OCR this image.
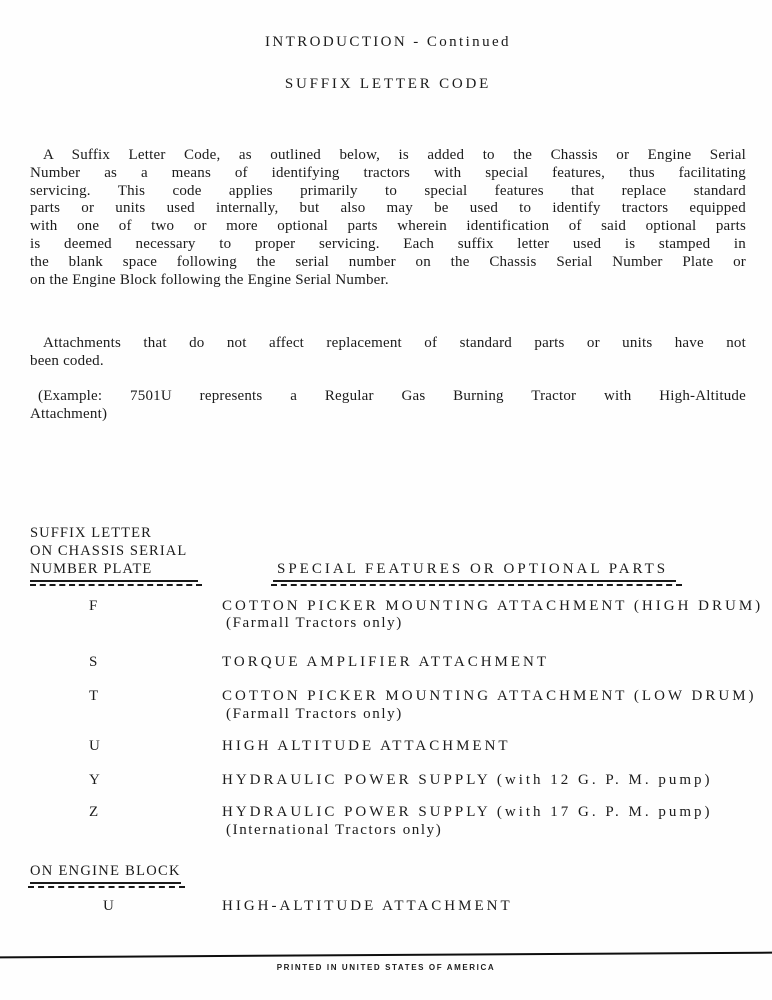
INTRODUCTION - Continued
SUFFIX LETTER CODE
A Suffix Letter Code, as outlined below, is added to the Chassis or Engine Serial
Number as a means of identifying tractors with special features, thus facilitating
servicing. This code applies primarily to special features that replace standard
parts or units used internally, but also may be used to identify tractors equipped
with one of two or more optional parts wherein identification of said optional parts
is deemed necessary to proper servicing. Each suffix letter used is stamped in
the blank space following the serial number on the Chassis Serial Number Plate or
on the Engine Block following the Engine Serial Number.
Attachments that do not affect replacement of standard parts or units have not
been coded.
(Example: 7501U represents a Regular Gas Burning Tractor with High-Altitude
Attachment)
SUFFIX LETTER
ON CHASSIS SERIAL
NUMBER PLATE	SPECIAL FEATURES OR OPTIONAL PARTS
F	COTTON PICKER MOUNTING ATTACHMENT (HIGH DRUM)
(Farmall Tractors only)
S	TORQUE AMPLIFIER ATTACHMENT
T	COTTON PICKER MOUNTING ATTACHMENT (LOW DRUM)
(Farmall Tractors only)
U	HIGH ALTITUDE ATTACHMENT
Y	HYDRAULIC POWER SUPPLY (with 12 G. P. M. pump)
Z	HYDRAULIC POWER SUPPLY (with 17 G. P. M. pump)
(International Tractors only)
ON ENGINE BLOCK
U	HIGH-ALTITUDE ATTACHMENT
PRINTED IN UNITED STATES OF AMERICA
